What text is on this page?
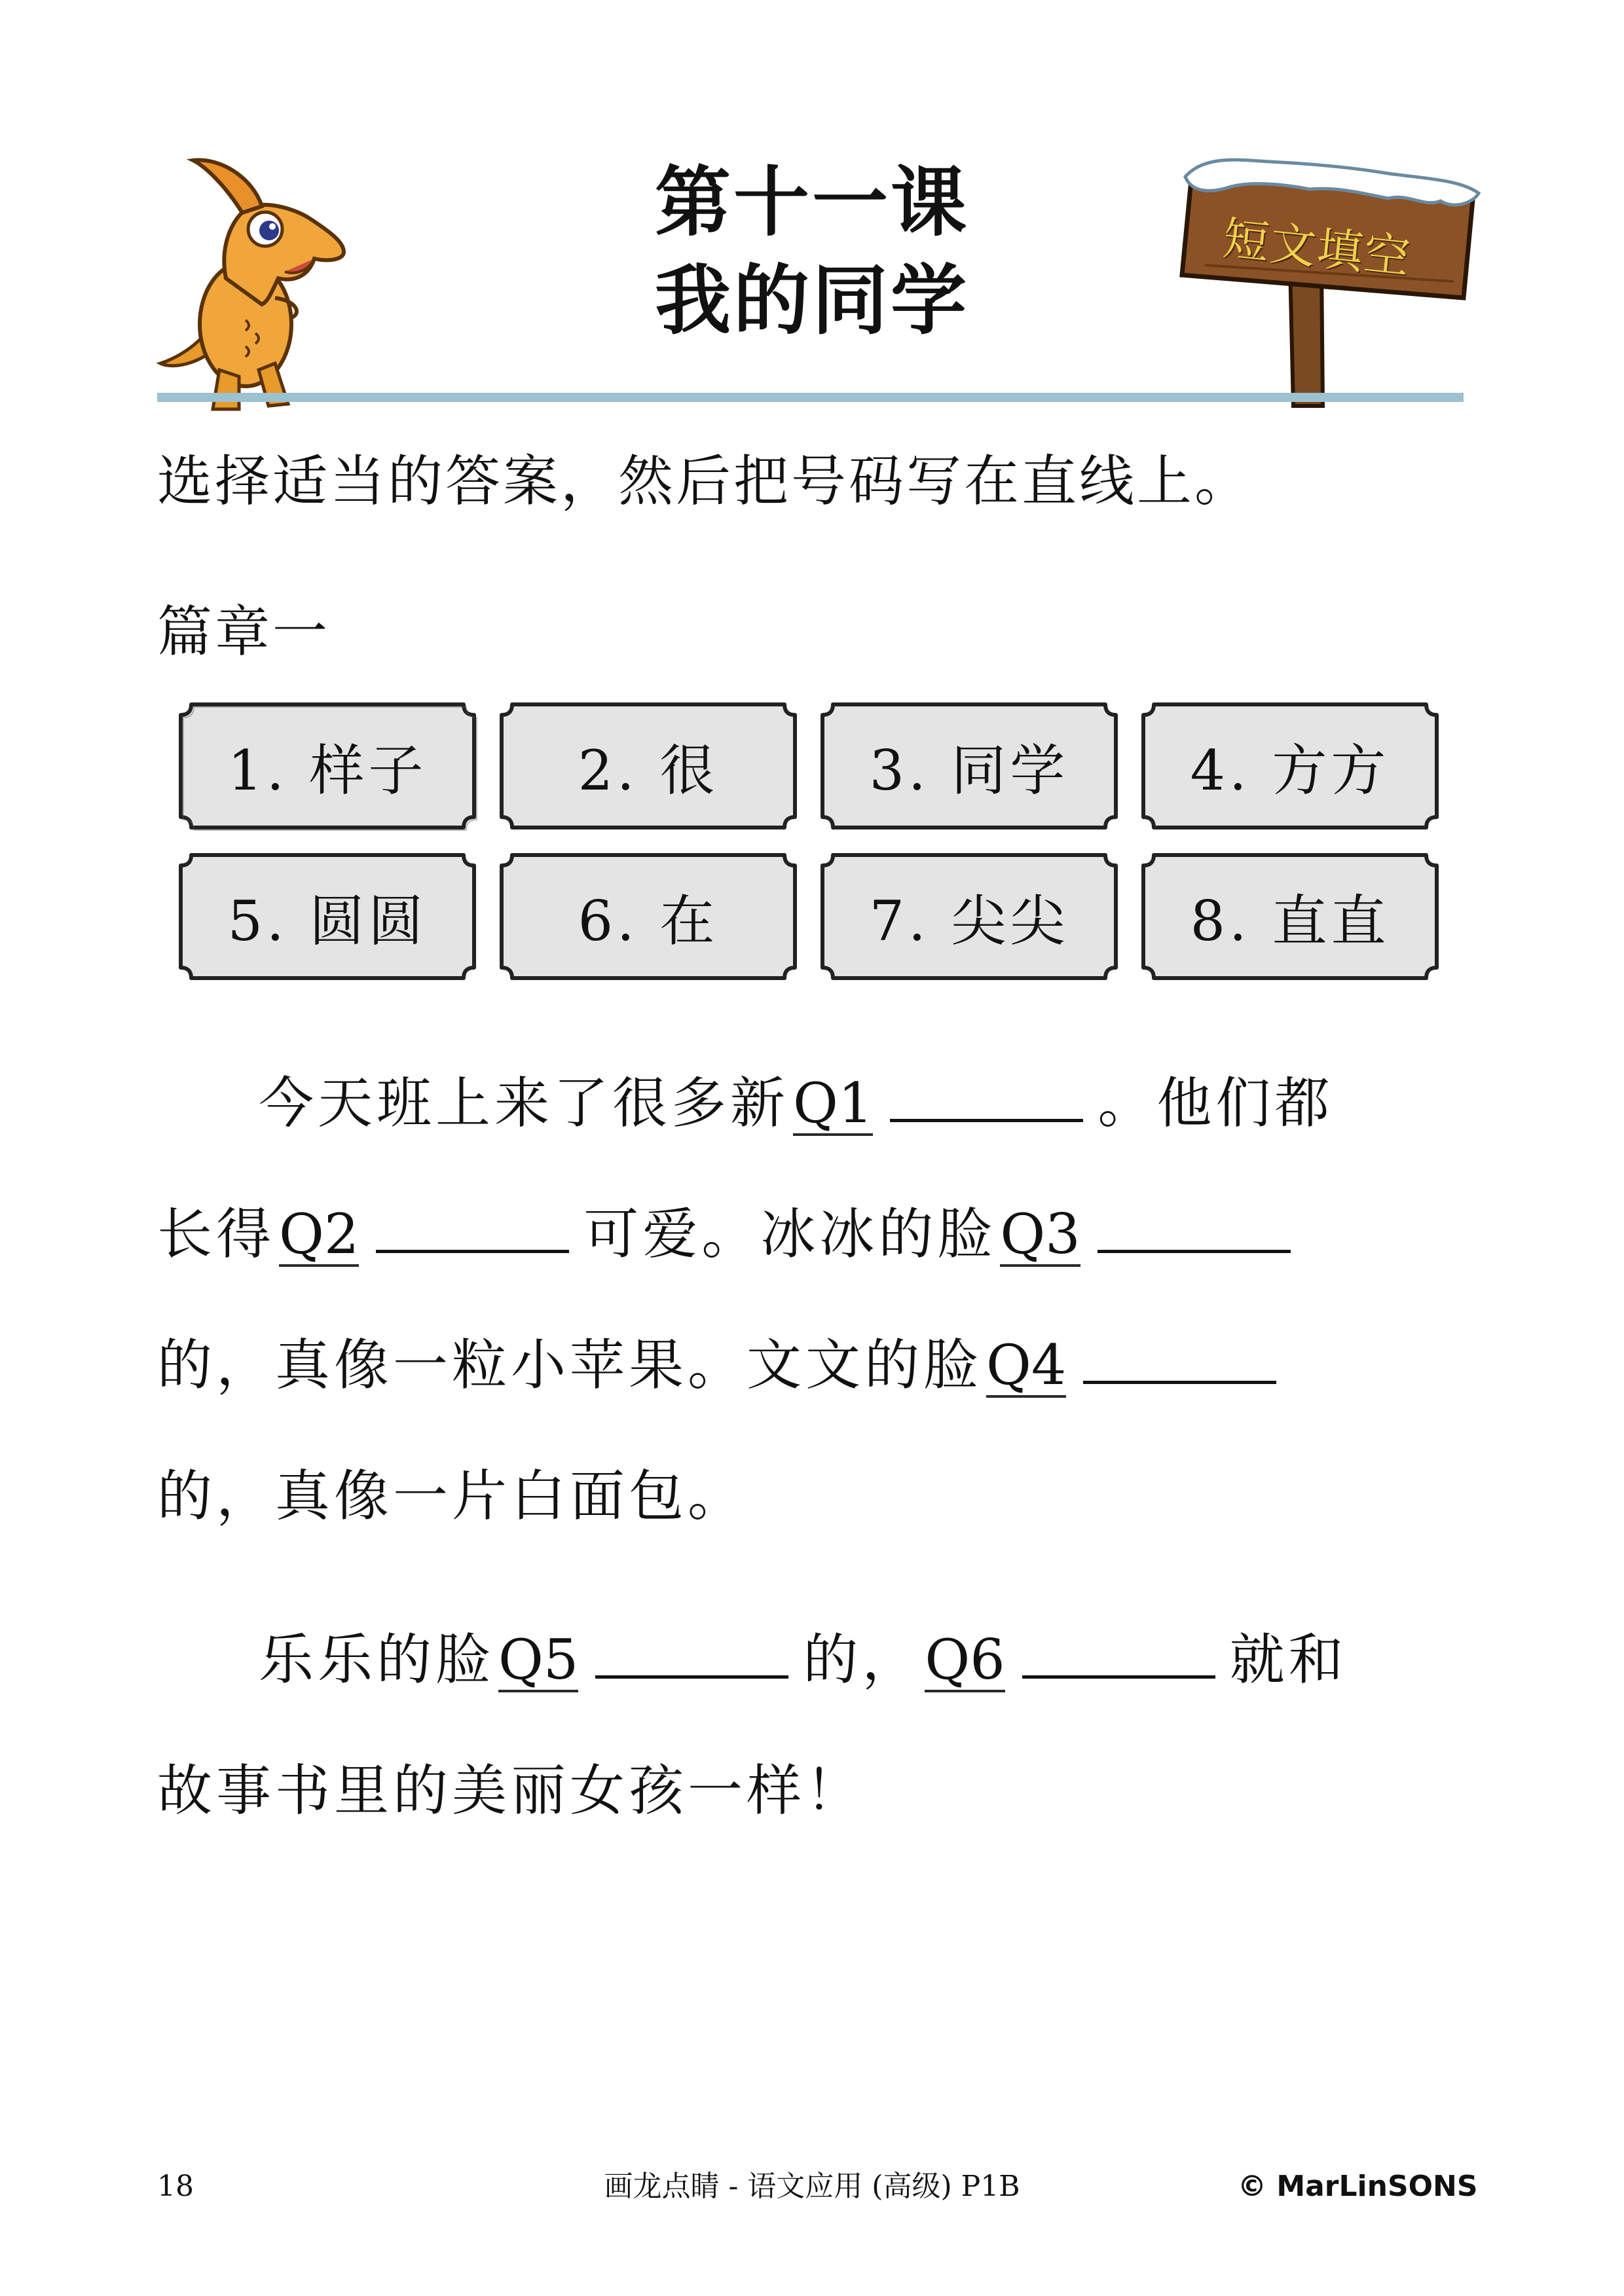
第十一课
我的同学
短文填空
选择适当的答案，然后把号码写在直线上。
篇章一
1. 样子	2. 很	3. 同学	4. 方方
5. 圆圆	6. 在	7. 尖尖	8. 直直
今天班上来了很多新Q1	。他们都
长得Q2	可爱。冰冰的脸Q3
的，真像一粒小苹果。文文的脸Q4
的，真像一片白面包。
乐乐的脸Q5	的，Q6	就和
故事书里的美丽女孩一样！
18	画龙点睛 - 语文应用 (高级) P1B	© MarLinSONS
